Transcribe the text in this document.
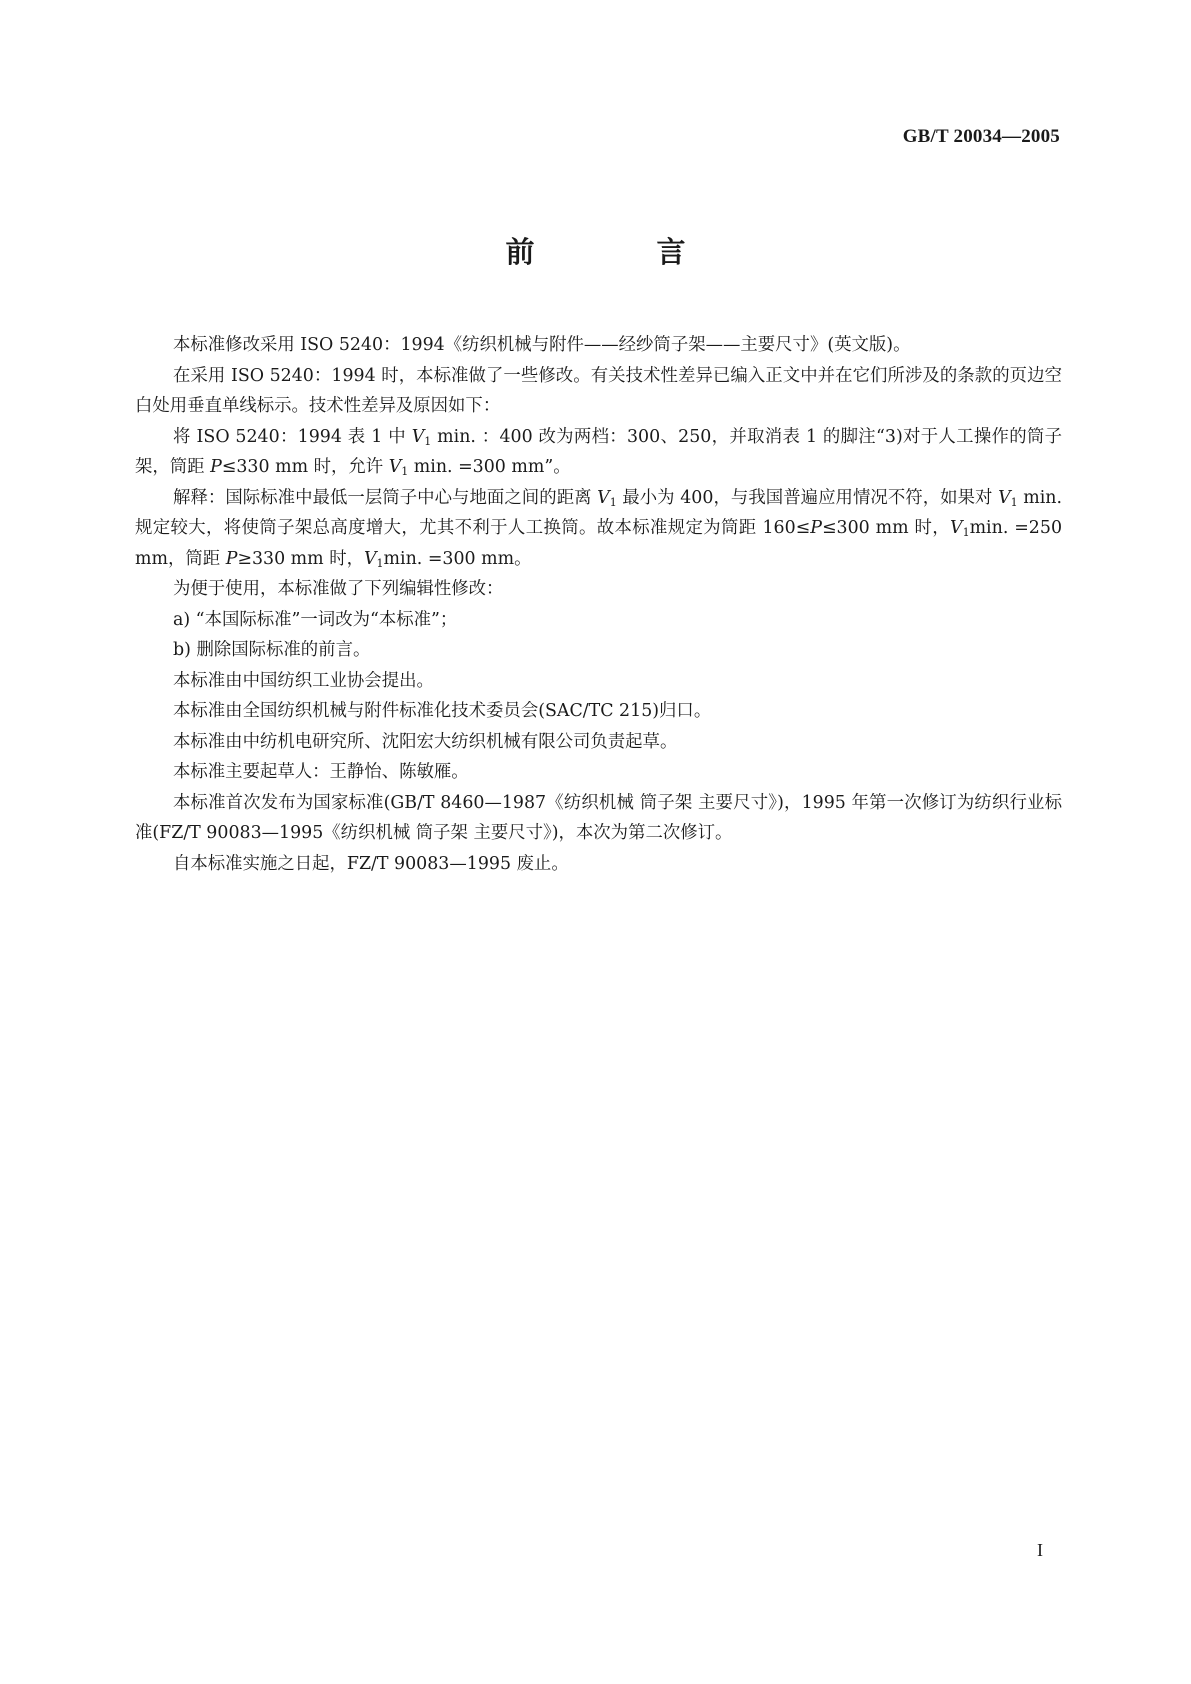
GB/T 20034—2005
前 言

本标准修改采用 ISO 5240：1994《纺织机械与附件——经纱筒子架——主要尺寸》(英文版)。

在采用 ISO 5240：1994 时，本标准做了一些修改。有关技术性差异已编入正文中并在它们所涉及的条款的页边空白处用垂直单线标示。技术性差异及原因如下：

将 ISO 5240：1994 表 1 中 $V_1$ min. ：400 改为两档：300、250，并取消表 1 的脚注“3)对于人工操作的筒子架，筒距 P≤330 mm 时，允许 $V_1$ min. =300 mm”。

解释：国际标准中最低一层筒子中心与地面之间的距离 $V_1$ 最小为 400，与我国普遍应用情况不符，如果对 $V_1$ min. 规定较大，将使筒子架总高度增大，尤其不利于人工换筒。故本标准规定为筒距 160≤P≤300 mm 时，$V_1\min$. =250 mm，筒距 P≥330 mm 时，$V_1\min$. =300 mm。

为便于使用，本标准做了下列编辑性修改：

a) “本国际标准”一词改为“本标准”；

b) 删除国际标准的前言。

本标准由中国纺织工业协会提出。

本标准由全国纺织机械与附件标准化技术委员会(SAC/TC 215)归口。

本标准由中纺机电研究所、沈阳宏大纺织机械有限公司负责起草。

本标准主要起草人：王静怡、陈敏雁。

本标准首次发布为国家标准(GB/T 8460—1987《纺织机械 筒子架 主要尺寸》)，1995 年第一次修订为纺织行业标准(FZ/T 90083—1995《纺织机械 筒子架 主要尺寸》)，本次为第二次修订。

自本标准实施之日起，FZ/T 90083—1995 废止。

I
